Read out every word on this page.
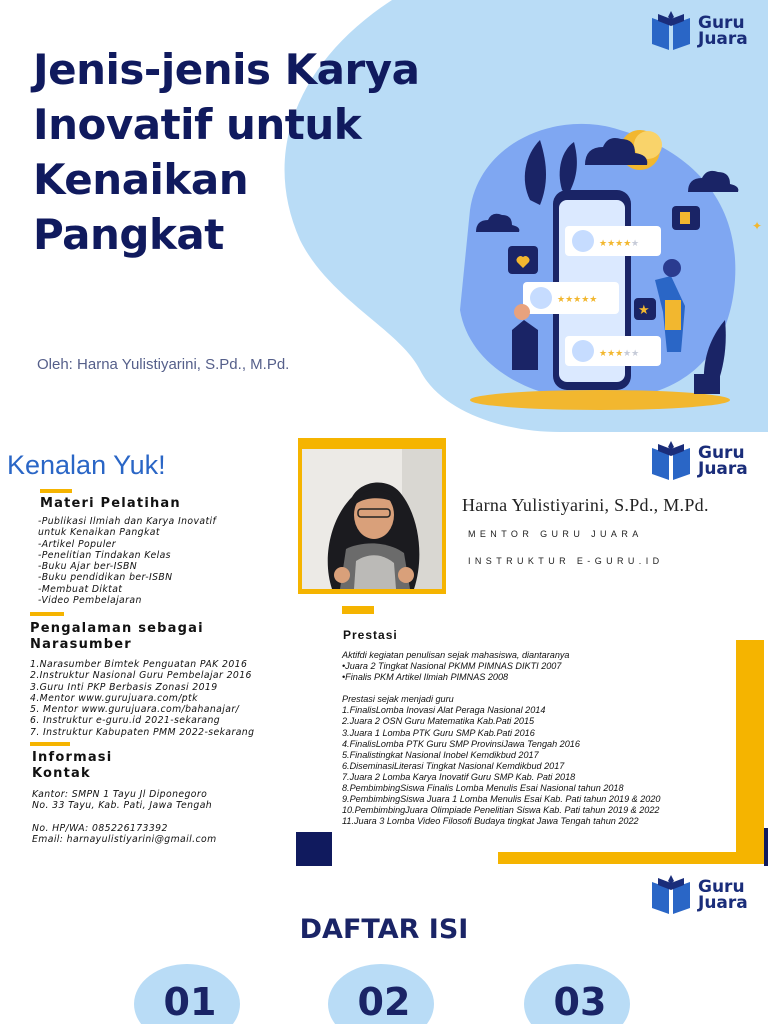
★★★★ ★
★★★★★
★★★ ★★
★
✦
Guru
Juara
Jenis-jenis Karya
Inovatif untuk
Kenaikan
Pangkat
Oleh: Harna Yulistiyarini, S.Pd., M.Pd.
Kenalan Yuk!
Materi Pelatihan
-Publikasi Ilmiah dan Karya Inovatif
untuk Kenaikan Pangkat
-Artikel Populer
-Penelitian Tindakan Kelas
-Buku Ajar ber-ISBN
-Buku pendidikan ber-ISBN
-Membuat Diktat
-Video Pembelajaran
Pengalaman sebagai
Narasumber
1.Narasumber Bimtek Penguatan PAK 2016
2.Instruktur Nasional Guru Pembelajar 2016
3.Guru Inti PKP Berbasis Zonasi 2019
4.Mentor www.gurujuara.com/ptk
5. Mentor www.gurujuara.com/bahanajar/
6. Instruktur e-guru.id 2021-sekarang
7. Instruktur Kabupaten PMM 2022-sekarang
Informasi
Kontak
Kantor: SMPN 1 Tayu Jl Diponegoro
No. 33 Tayu, Kab. Pati, Jawa Tengah
No. HP/WA: 085226173392
Email: harnayulistiyarini@gmail.com
Guru
Juara
Harna Yulistiyarini, S.Pd., M.Pd.
MENTOR GURU JUARA
INSTRUKTUR E-GURU.ID
Prestasi
Aktifdi kegiatan penulisan sejak mahasiswa, diantaranya
•Juara 2 Tingkat Nasional PKMM PIMNAS DIKTI 2007
•Finalis PKM Artikel Ilmiah PIMNAS 2008
Prestasi sejak menjadi guru
1.FinalisLomba Inovasi Alat Peraga Nasional 2014
2.Juara 2 OSN Guru Matematika Kab.Pati 2015
3.Juara 1 Lomba PTK Guru SMP Kab.Pati 2016
4.FinalisLomba PTK Guru SMP ProvinsiJawa Tengah 2016
5.Finalistingkat Nasional Inobel Kemdikbud 2017
6.DiseminasiLiterasi Tingkat Nasional Kemdikbud 2017
7.Juara 2 Lomba Karya Inovatif Guru SMP Kab. Pati 2018
8.PembimbingSiswa Finalis Lomba Menulis Esai Nasional tahun 2018
9.PembimbingSiswa Juara 1 Lomba Menulis Esai Kab. Pati tahun 2019 & 2020
10.PembimbingJuara Olimpiade Penelitian Siswa Kab. Pati tahun 2019 & 2022
11.Juara 3 Lomba Video Filosofi Budaya tingkat Jawa Tengah tahun 2022
Guru
Juara
DAFTAR ISI
01	02	03
